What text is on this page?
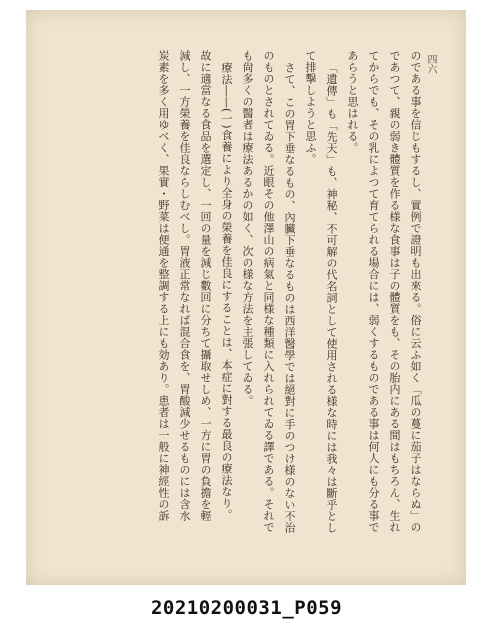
四六
のである事を信じもするし、實例で證明も出來る。俗に云ふ如く「瓜の蔓に茄子はならぬ」の
であつて、親の弱き體質を作る様な食事は子の體質をも、その胎内にある間はもちろん、生れ
てからでも、その乳によつて育てられる場合には、弱くするものである事は何人にも分る事で
あらうと思はれる。
「遺傳」も「先天」も、神秘、不可解の代名詞として使用される様な時には我々は斷乎とし
て排擊しようと思ふ。
さて、この胃下垂なるもの、內臟下垂なるものは西洋醫學では絕對に手のつけ様のない不治
のものとされてゐる。近眼その他澤山の病氣と同様な種類に入れられてゐる譯である。それで
も尙多くの醫者は療法あるかの如く、次の様な方法を主張してゐる。
療法――(一)食養により全身の榮養を佳良にすることは、本症に對する最良の療法なり。
故に適當なる食品を選定し、一回の量を減じ數回に分ちて攝取せしめ、一方に胃の負擔を輕
減し、一方榮養を佳良ならしむべし。胃液正常なれば混合食を、胃酸減少せるものには含水
炭素を多く用ゆべく、果實・野菜は便通を整調する上にも効あり。患者は一般に神經性の訴
20210200031_P059
